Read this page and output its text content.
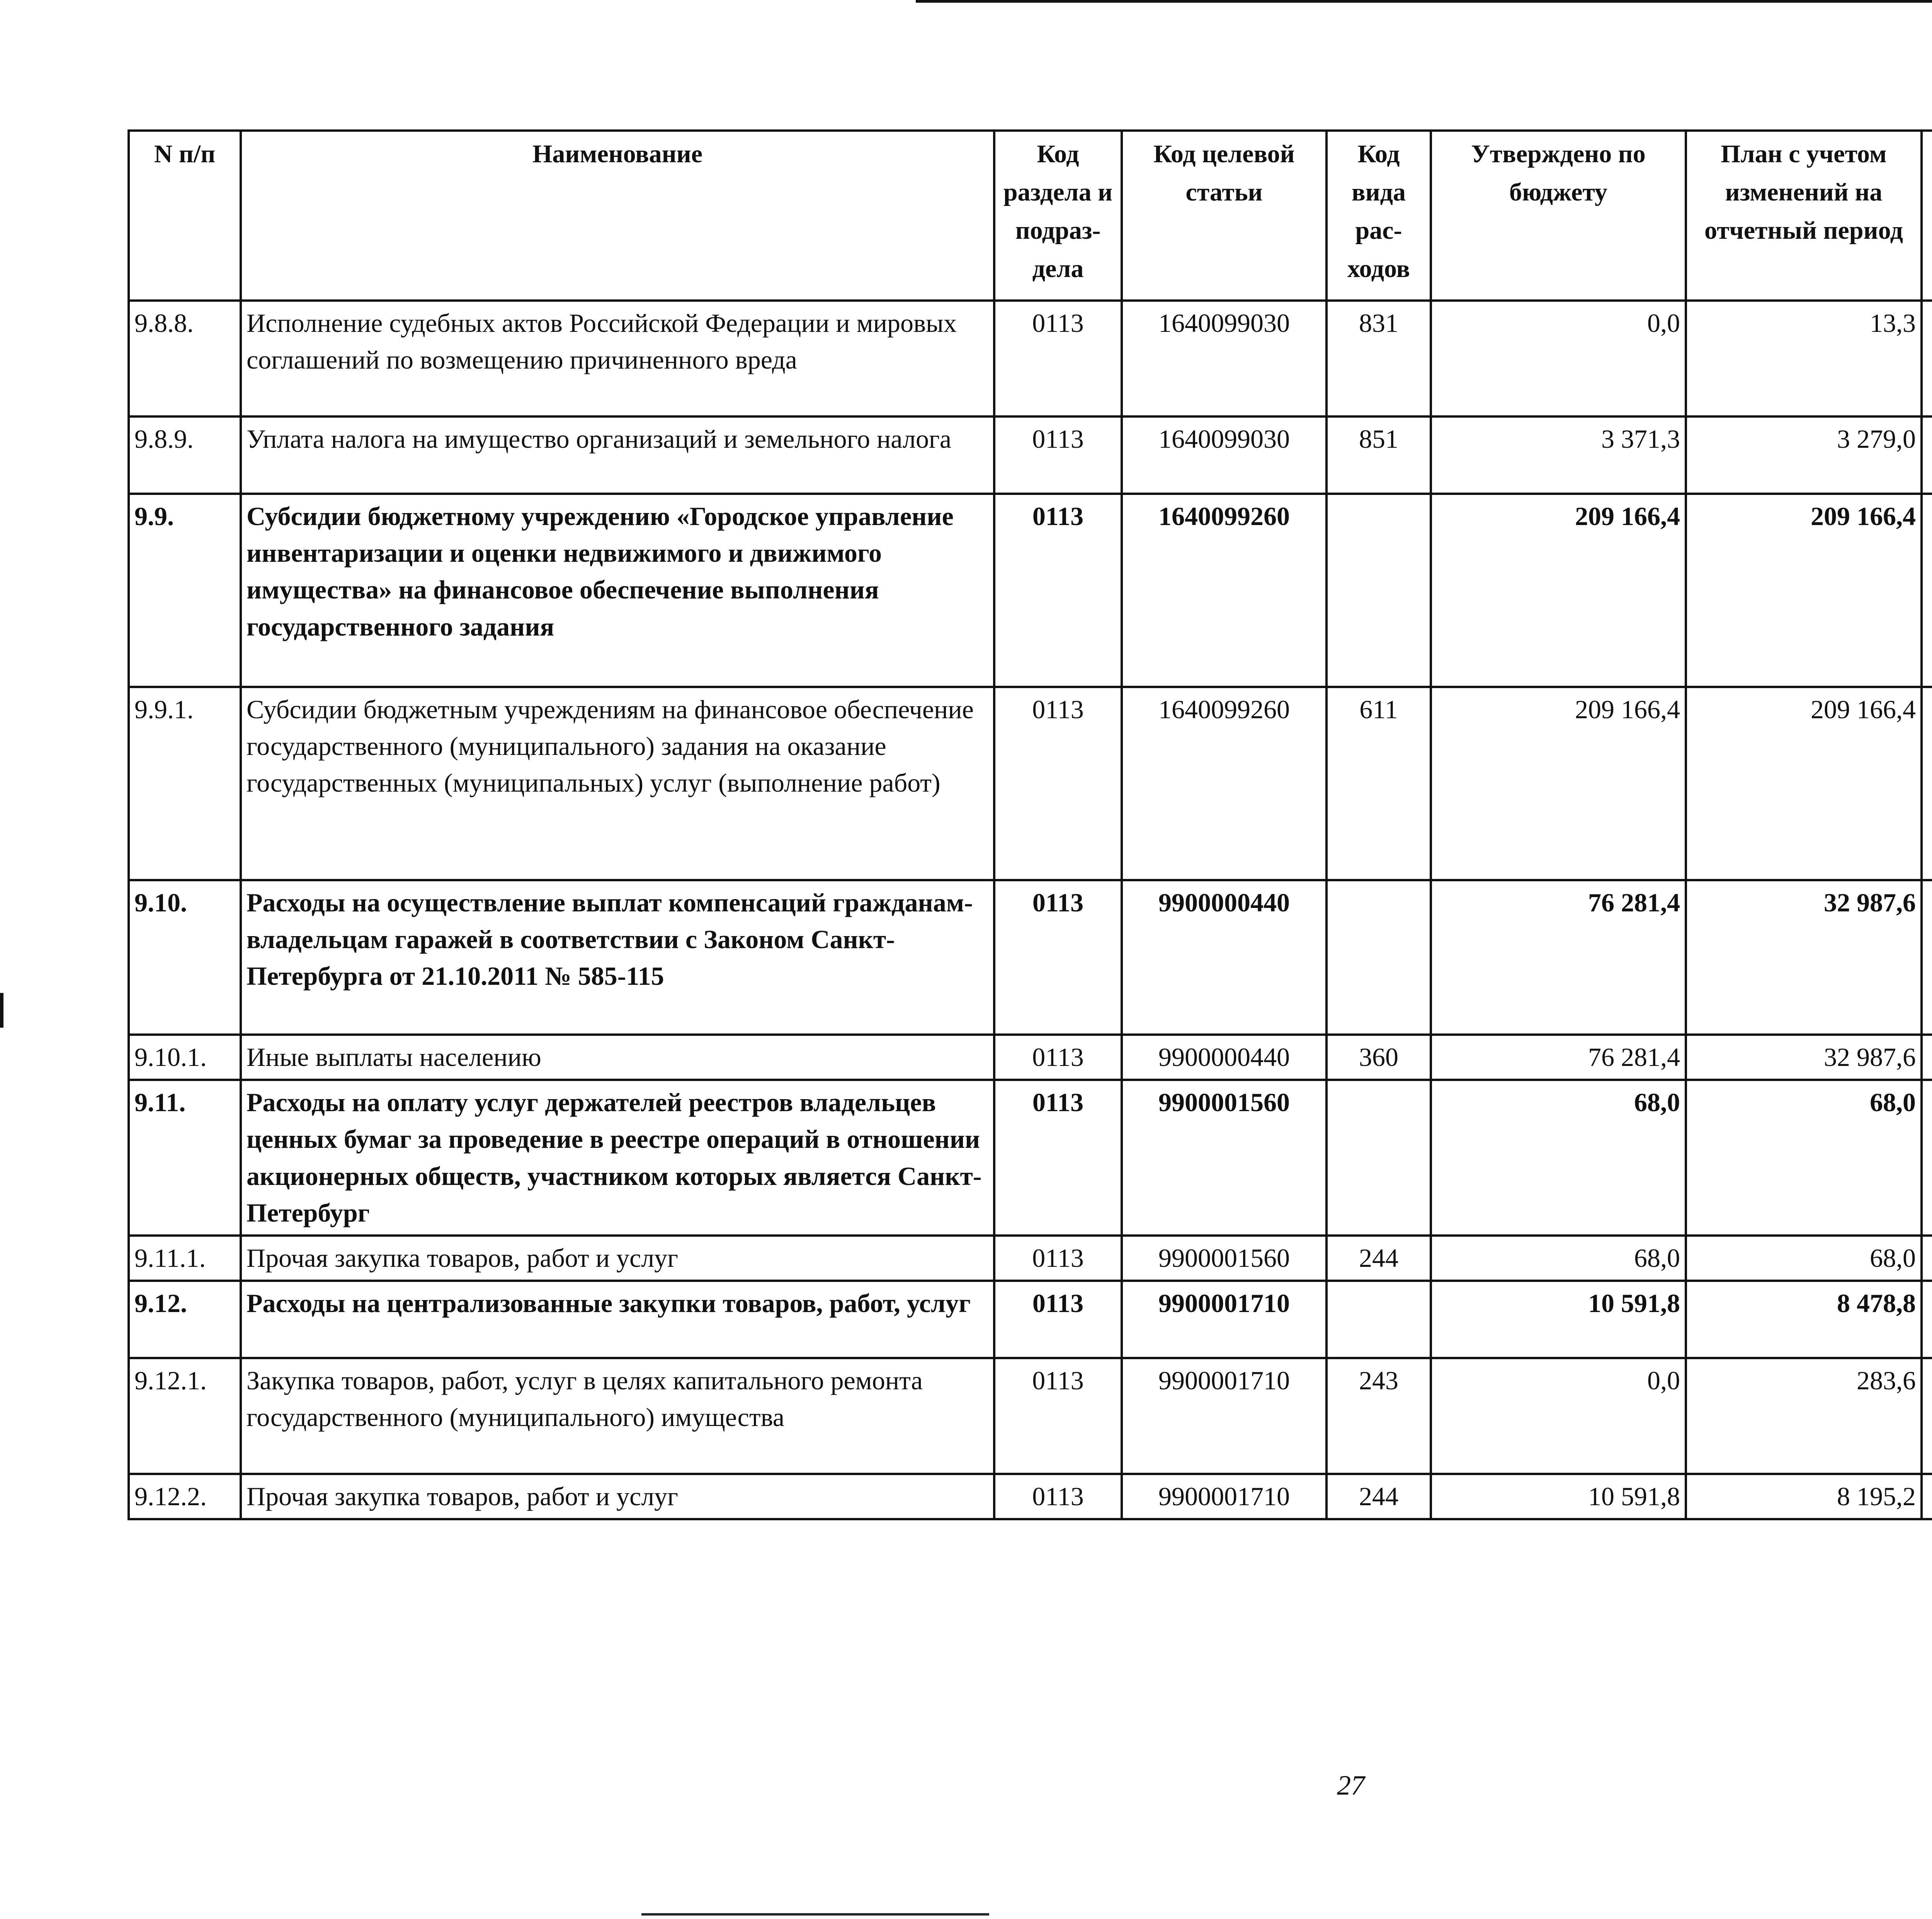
N п/п	Наименование	Код раздела и подраз-дела	Код целевой статьи	Код вида рас-ходов	Утверждено по бюджету	План с учетом изменений на отчетный период		

9.8.8.	Исполнение судебных актов Российской Федерации и мировых соглашений по возмещению причиненного вреда	0113	1640099030	831	0,0	13,3			
9.8.9.	Уплата налога на имущество организаций и земельного налога	0113	1640099030	851	3 371,3	3 279,0			
9.9.	Субсидии бюджетному учреждению «Городское управление инвентаризации и оценки недвижимого и движимого имущества» на финансовое обеспечение выполнения государственного задания	0113	1640099260		209 166,4	209 166,4			
9.9.1.	Субсидии бюджетным учреждениям на финансовое обеспечение государственного (муниципального) задания на оказание государственных (муниципальных) услуг (выполнение работ)	0113	1640099260	611	209 166,4	209 166,4			
9.10.	Расходы на осуществление выплат компенсаций гражданам-владельцам гаражей в соответствии с Законом Санкт-Петербурга от 21.10.2011 № 585-115	0113	9900000440		76 281,4	32 987,6			
9.10.1.	Иные выплаты населению	0113	9900000440	360	76 281,4	32 987,6			
9.11.	Расходы на оплату услуг держателей реестров владельцев ценных бумаг за проведение в реестре операций в отношении акционерных обществ, участником которых является Санкт-Петербург	0113	9900001560		68,0	68,0			
9.11.1.	Прочая закупка товаров, работ и услуг	0113	9900001560	244	68,0	68,0			
9.12.	Расходы на централизованные закупки товаров, работ, услуг	0113	9900001710		10 591,8	8 478,8			
9.12.1.	Закупка товаров, работ, услуг в целях капитального ремонта государственного (муниципального) имущества	0113	9900001710	243	0,0	283,6			
9.12.2.	Прочая закупка товаров, работ и услуг	0113	9900001710	244	10 591,8	8 195,2			
27
